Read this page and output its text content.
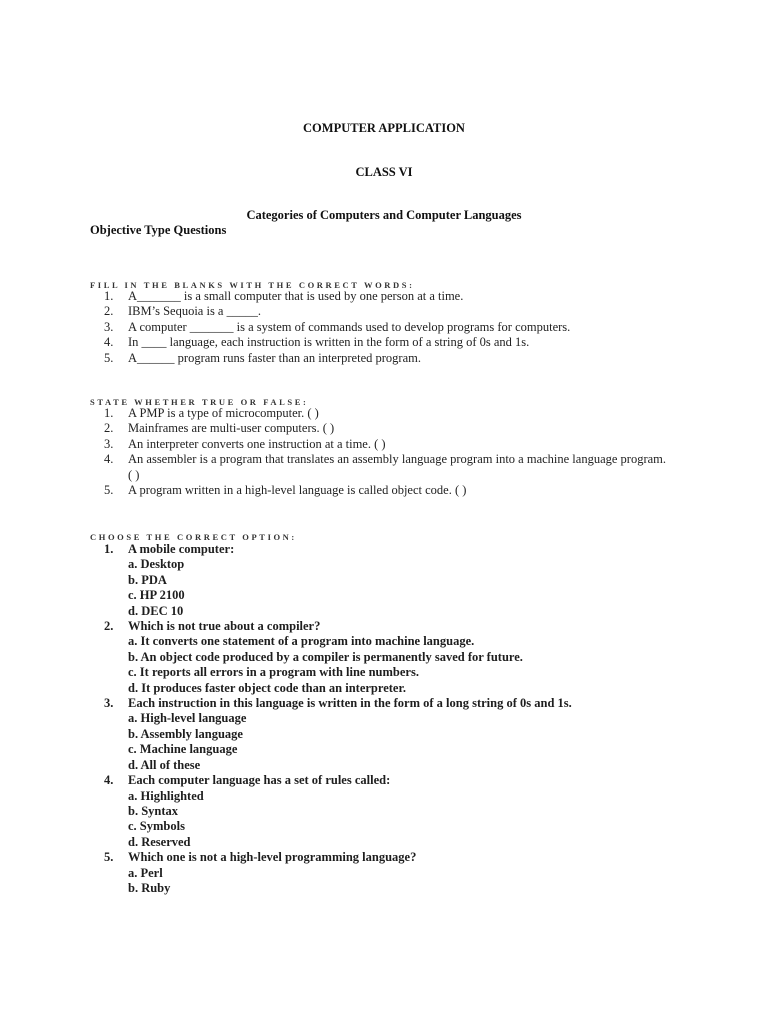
COMPUTER APPLICATION
CLASS VI
Categories of Computers and Computer Languages
Objective Type Questions
FILL IN THE BLANKS WITH THE CORRECT WORDS:
1.	A_______ is a small computer that is used by one person at a time.
2.	IBM’s Sequoia is a _____.
3.	A computer _______ is a system of commands used to develop programs for computers.
4.	In ____ language, each instruction is written in the form of a string of 0s and 1s.
5.	A______ program runs faster than an interpreted program.
STATE WHETHER TRUE OR FALSE:
1.	A PMP is a type of microcomputer. ( )
2.	Mainframes are multi-user computers. ( )
3.	An interpreter converts one instruction at a time. ( )
4.	An assembler is a program that translates an assembly language program into a machine language program. ( )
5.	A program written in a high-level language is called object code. ( )
CHOOSE THE CORRECT OPTION:
1.	A mobile computer:
a. Desktop
b. PDA
c. HP 2100
d. DEC 10
2.	Which is not true about a compiler?
a. It converts one statement of a program into machine language.
b. An object code produced by a compiler is permanently saved for future.
c. It reports all errors in a program with line numbers.
d. It produces faster object code than an interpreter.
3.	Each instruction in this language is written in the form of a long string of 0s and 1s.
a. High-level language
b. Assembly language
c. Machine language
d. All of these
4.	Each computer language has a set of rules called:
a. Highlighted
b. Syntax
c. Symbols
d. Reserved
5.	Which one is not a high-level programming language?
a. Perl
b. Ruby
